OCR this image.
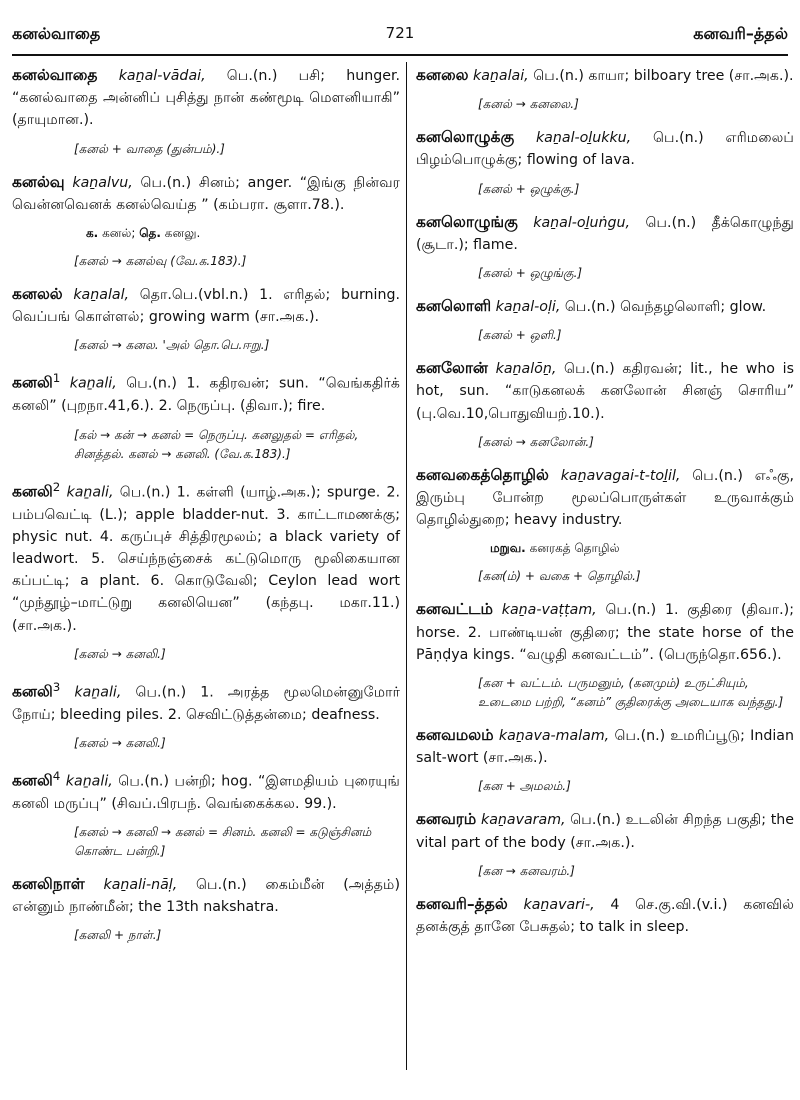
கனல்வாதை	721	கனவரி–த்தல்
கனல்வாதை kaṉal-vādai, பெ.(n.) பசி; hunger. “கனல்வாதை அன்னிப் புசித்து நான் கண்மூடி மௌனியாகி” (தாயுமான.).
[கனல் + வாதை (துன்பம்).]
கனல்வு kaṉalvu, பெ.(n.) சினம்; anger. “இங்கு நின்வர வென்னவெனக் கனல்வெய்த ” (கம்பரா. சூளா.78.).
க. கனல்; தெ. கனலு.
[கனல் → கனல்வு (வே.க.183).]
கனலல் kaṉalal, தொ.பெ.(vbl.n.) 1. எரிதல்; burning. வெப்பங் கொள்ளல்; growing warm (சா.அக.).
[கனல் → கனல. 'அல் தொ.பெ.ஈறு.]
கனலி$^1$ kaṉali, பெ.(n.) 1. கதிரவன்; sun. “வெங்கதிர்க் கனலி” (புறநா.41,6.). 2. நெருப்பு. (திவா.); fire.
[கல் → கன் → கனல் = நெருப்பு. கனலுதல் = எரிதல், சினத்தல். கனல் → கனலி. (வே.க.183).]
கனலி$^2$ kaṉali, பெ.(n.) 1. கள்ளி (யாழ்.அக.); spurge. 2. பம்பவெட்டி (L.); apple bladder-nut. 3. காட்டாமணக்கு; physic nut. 4. கருப்புச் சித்திரமூலம்; a black variety of leadwort. 5. செய்ந்நஞ்சைக் கட்டுமொரு மூலிகையான கப்பட்டி; a plant. 6. கொடுவேலி; Ceylon lead wort “முந்தூழ்–மாட்டுறு கனலியென” (கந்தபு. மகா.11.) (சா.அக.).
[கனல் → கனலி.]
கனலி$^3$ kaṉali, பெ.(n.) 1. அரத்த மூலமென்னுமோர் நோய்; bleeding piles. 2. செவிட்டுத்தன்மை; deafness.
[கனல் → கனலி.]
கனலி$^4$ kaṉali, பெ.(n.) பன்றி; hog. “இளமதியம் புரையுங் கனலி மருப்பு” (சிவப்.பிரபந். வெங்கைக்கல. 99.).
[கனல் → கனலி → கனல் = சினம். கனலி = கடுஞ்சினம் கொண்ட பன்றி.]
கனலிநாள் kaṉali-nāḷ, பெ.(n.) கைம்மீன் (அத்தம்) என்னும் நாண்மீன்; the 13th nakshatra.
[கனலி + நாள்.]
கனலை kaṉalai, பெ.(n.) காயா; bilboary tree (சா.அக.).
[கனல் → கனலை.]
கனலொழுக்கு kaṉal-oḻukku, பெ.(n.) எரிமலைப் பிழம்பொழுக்கு; flowing of lava.
[கனல் + ஒழுக்கு.]
கனலொழுங்கு kaṉal-oḻuṅgu, பெ.(n.) தீக்கொழுந்து (சூடா.); flame.
[கனல் + ஒழுங்கு.]
கனலொளி kaṉal-oḷi, பெ.(n.) வெந்தழலொளி; glow.
[கனல் + ஒளி.]
கனலோன் kaṉalōṉ, பெ.(n.) கதிரவன்; lit., he who is hot, sun. “காடுகனலக் கனலோன் சினஞ் சொரிய” (பு.வெ.10,பொதுவியற்.10.).
[கனல் → கனலோன்.]
கனவகைத்தொழில் kaṉavagai-t-toḻil, பெ.(n.) எஃகு, இரும்பு போன்ற மூலப்பொருள்கள் உருவாக்கும் தொழில்துறை; heavy industry.
மறுவ. கனரகத் தொழில்
[கன(ம்) + வகை + தொழில்.]
கனவட்டம் kaṉa-vaṭṭam, பெ.(n.) 1. குதிரை (திவா.); horse. 2. பாண்டியன் குதிரை; the state horse of the Pāṇḍya kings. “வழுதி கனவட்டம்”. (பெருந்தொ.656.).
[கன + வட்டம். பருமனும், (கனமும்) உருட்சியும், உடைமை பற்றி, “கனம்” குதிரைக்கு அடையாக வந்தது.]
கனவமலம் kaṉava-malam, பெ.(n.) உமரிப்பூடு; Indian salt-wort (சா.அக.).
[கன + அமலம்.]
கனவரம் kaṉavaram, பெ.(n.) உடலின் சிறந்த பகுதி; the vital part of the body (சா.அக.).
[கன → கனவரம்.]
கனவரி–த்தல் kaṉavari-, 4 செ.கு.வி.(v.i.) கனவில் தனக்குத் தானே பேசுதல்; to talk in sleep.
